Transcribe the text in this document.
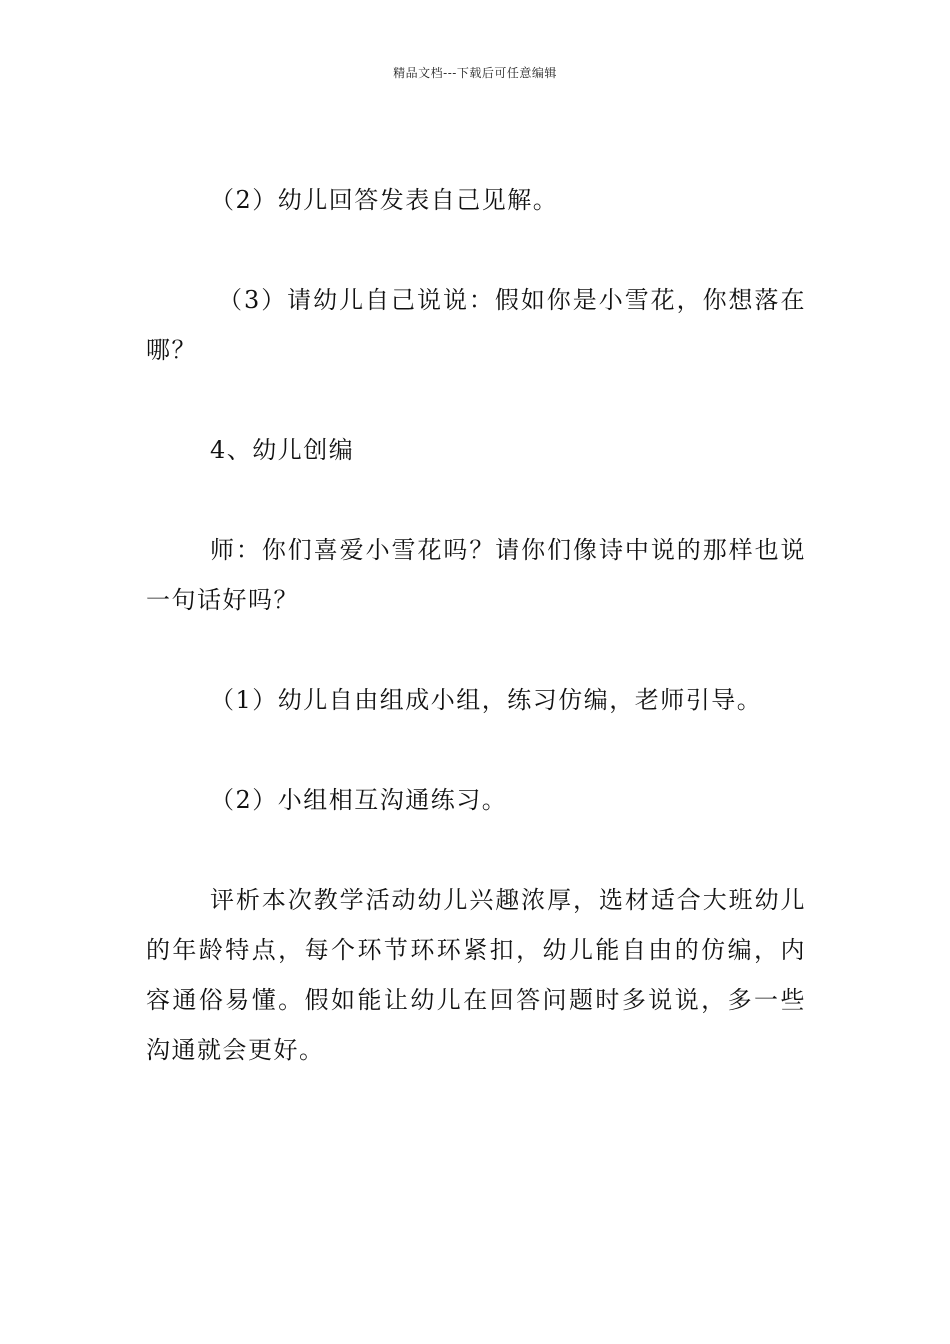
精品文档---下载后可任意编辑

（2）幼儿回答发表自己见解。

（3）请幼儿自己说说：假如你是小雪花，你想落在哪？

4、幼儿创编

师：你们喜爱小雪花吗？请你们像诗中说的那样也说一句话好吗？

（1）幼儿自由组成小组，练习仿编，老师引导。

（2）小组相互沟通练习。

评析本次教学活动幼儿兴趣浓厚，选材适合大班幼儿的年龄特点，每个环节环环紧扣，幼儿能自由的仿编，内容通俗易懂。假如能让幼儿在回答问题时多说说，多一些沟通就会更好。
